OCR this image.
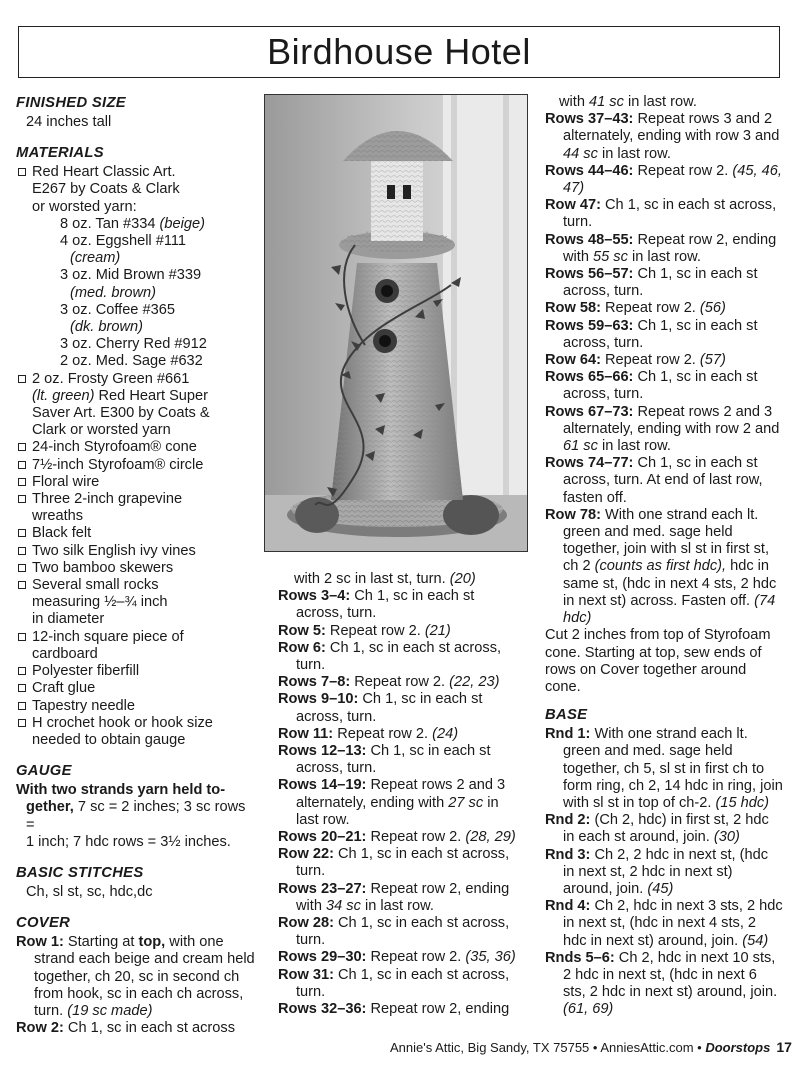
Birdhouse Hotel
FINISHED SIZE

24 inches tall

MATERIALS
Red Heart Classic Art.
E267 by Coats & Clark
or worsted yarn:
8 oz. Tan #334 (beige)
4 oz. Eggshell #111
(cream)
3 oz. Mid Brown #339
(med. brown)
3 oz. Coffee #365
(dk. brown)
3 oz. Cherry Red #912
2 oz. Med. Sage #632
2 oz. Frosty Green #661
(lt. green) Red Heart Super
Saver Art. E300 by Coats &
Clark or worsted yarn
24-inch Styrofoam® cone
7½-inch Styrofoam® circle
Floral wire
Three 2-inch grapevine
wreaths
Black felt
Two silk English ivy vines
Two bamboo skewers
Several small rocks
measuring ½–¾ inch
in diameter
12-inch square piece of
cardboard
Polyester fiberfill
Craft glue
Tapestry needle
H crochet hook or hook size
needed to obtain gauge
GAUGE

With two strands yarn held to-
gether, 7 sc = 2 inches; 3 sc rows =
1 inch; 7 hdc rows = 3½ inches.

BASIC STITCHES

Ch, sl st, sc, hdc,dc

COVER

Row 1: Starting at top, with one strand each beige and cream held together, ch 20, sc in second ch from hook, sc in each ch across, turn. (19 sc made)

Row 2: Ch 1, sc in each st across

with 2 sc in last st, turn. (20)

Rows 3–4: Ch 1, sc in each st across, turn.

Row 5: Repeat row 2. (21)

Row 6: Ch 1, sc in each st across, turn.

Rows 7–8: Repeat row 2. (22, 23)

Rows 9–10: Ch 1, sc in each st across, turn.

Row 11: Repeat row 2. (24)

Rows 12–13: Ch 1, sc in each st across, turn.

Rows 14–19: Repeat rows 2 and 3 alternately, ending with 27 sc in last row.

Rows 20–21: Repeat row 2. (28, 29)

Row 22: Ch 1, sc in each st across, turn.

Rows 23–27: Repeat row 2, ending with 34 sc in last row.

Row 28: Ch 1, sc in each st across, turn.

Rows 29–30: Repeat row 2. (35, 36)

Row 31: Ch 1, sc in each st across, turn.

Rows 32–36: Repeat row 2, ending

with 41 sc in last row.

Rows 37–43: Repeat rows 3 and 2 alternately, ending with row 3 and 44 sc in last row.

Rows 44–46: Repeat row 2. (45, 46, 47)

Row 47: Ch 1, sc in each st across, turn.

Rows 48–55: Repeat row 2, ending with 55 sc in last row.

Rows 56–57: Ch 1, sc in each st across, turn.

Row 58: Repeat row 2. (56)

Rows 59–63: Ch 1, sc in each st across, turn.

Row 64: Repeat row 2. (57)

Rows 65–66: Ch 1, sc in each st across, turn.

Rows 67–73: Repeat rows 2 and 3 alternately, ending with row 2 and 61 sc in last row.

Rows 74–77: Ch 1, sc in each st across, turn. At end of last row, fasten off.

Row 78: With one strand each lt. green and med. sage held together, join with sl st in first st, ch 2 (counts as first hdc), hdc in same st, (hdc in next 4 sts, 2 hdc in next st) across. Fasten off. (74 hdc)

Cut 2 inches from top of Styrofoam cone. Starting at top, sew ends of rows on Cover together around cone.

BASE

Rnd 1: With one strand each lt. green and med. sage held together, ch 5, sl st in first ch to form ring, ch 2, 14 hdc in ring, join with sl st in top of ch-2. (15 hdc)

Rnd 2: (Ch 2, hdc) in first st, 2 hdc in each st around, join. (30)

Rnd 3: Ch 2, 2 hdc in next st, (hdc in next st, 2 hdc in next st) around, join. (45)

Rnd 4: Ch 2, hdc in next 3 sts, 2 hdc in next st, (hdc in next 4 sts, 2 hdc in next st) around, join. (54)

Rnds 5–6: Ch 2, hdc in next 10 sts, 2 hdc in next st, (hdc in next 6 sts, 2 hdc in next st) around, join. (61, 69)

Annie's Attic, Big Sandy, TX 75755 • AnniesAttic.com • Doorstops 17
